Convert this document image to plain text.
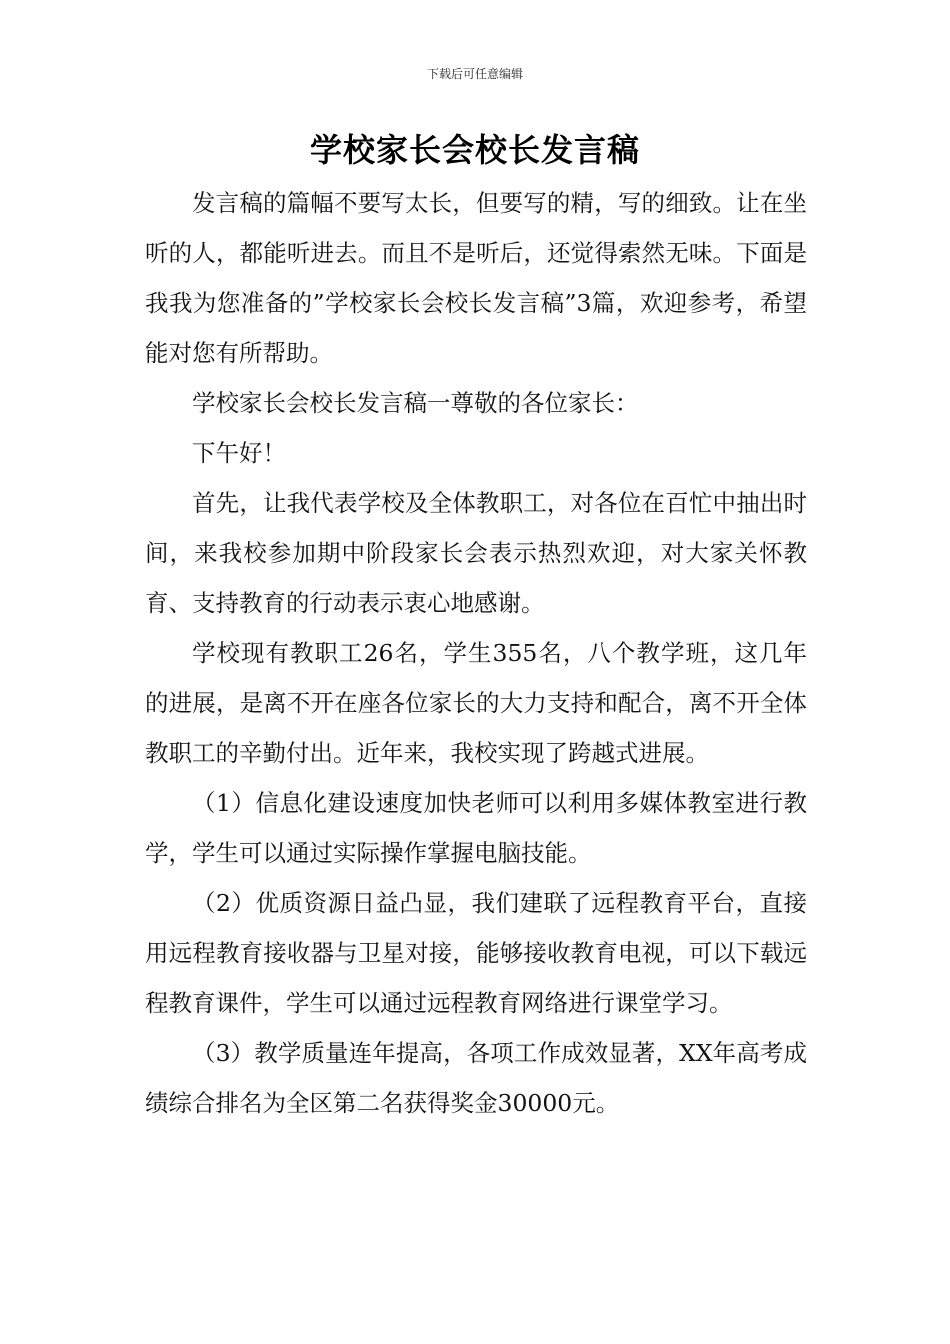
下载后可任意编辑
学校家长会校长发言稿

发言稿的篇幅不要写太长，但要写的精，写的细致。让在坐听的人，都能听进去。而且不是听后，还觉得索然无味。下面是我我为您准备的”学校家长会校长发言稿”3篇，欢迎参考，希望能对您有所帮助。

学校家长会校长发言稿一尊敬的各位家长：

下午好！

首先，让我代表学校及全体教职工，对各位在百忙中抽出时间，来我校参加期中阶段家长会表示热烈欢迎，对大家关怀教育、支持教育的行动表示衷心地感谢。

学校现有教职工26名，学生355名，八个教学班，这几年的进展，是离不开在座各位家长的大力支持和配合，离不开全体教职工的辛勤付出。近年来，我校实现了跨越式进展。

（1）信息化建设速度加快老师可以利用多媒体教室进行教学，学生可以通过实际操作掌握电脑技能。

（2）优质资源日益凸显，我们建联了远程教育平台，直接用远程教育接收器与卫星对接，能够接收教育电视，可以下载远程教育课件，学生可以通过远程教育网络进行课堂学习。

（3）教学质量连年提高，各项工作成效显著，XX年高考成绩综合排名为全区第二名获得奖金30000元。
